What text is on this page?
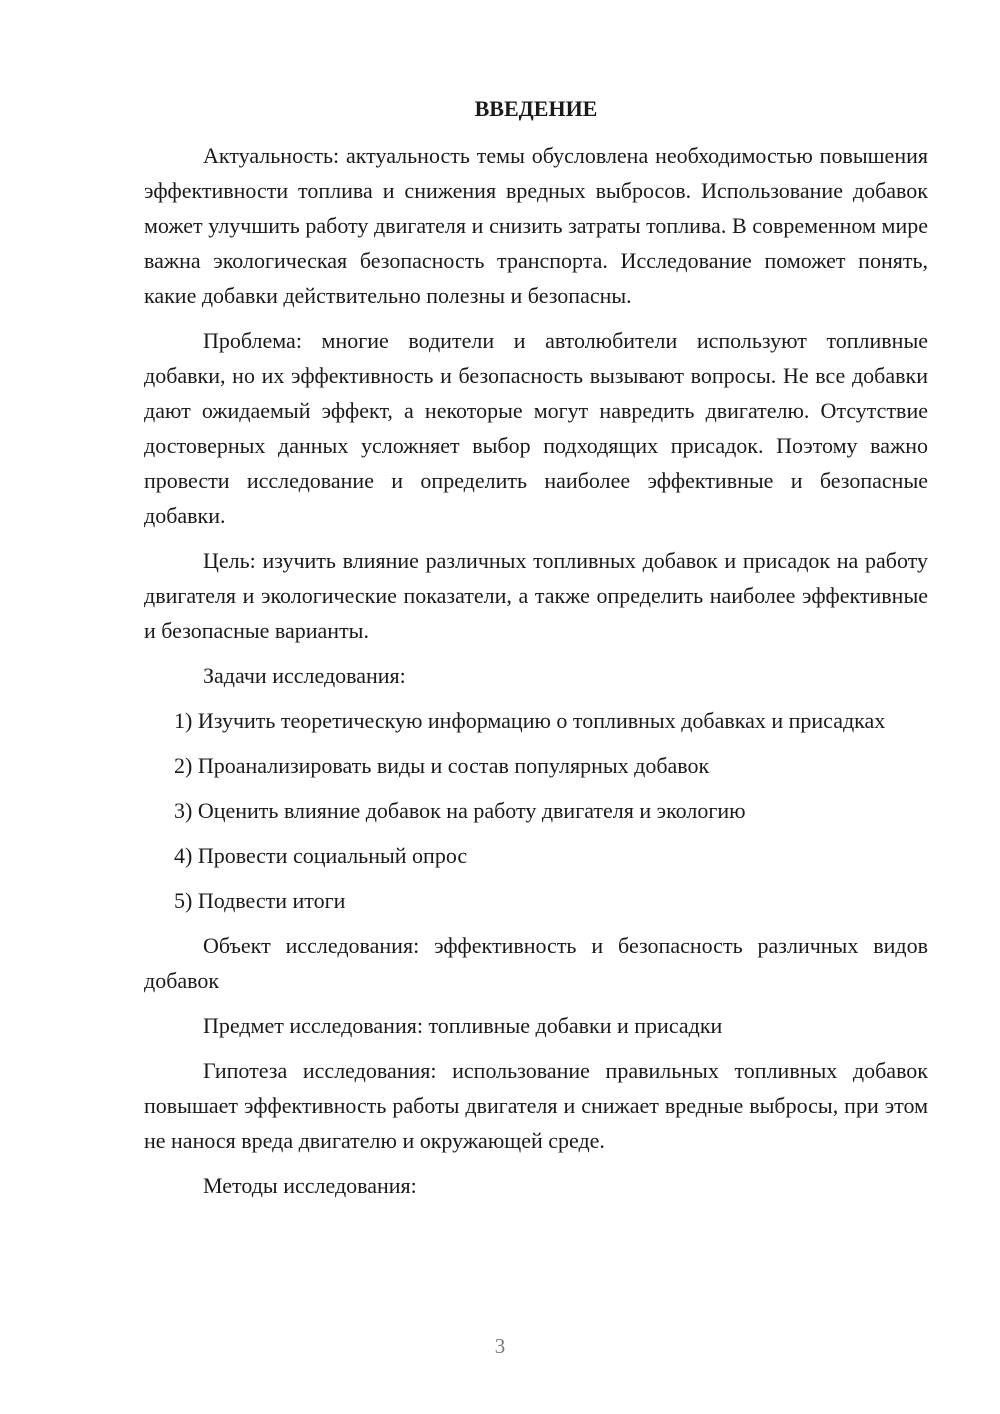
ВВЕДЕНИЕ

Актуальность: актуальность темы обусловлена необходимостью повышения эффективности топлива и снижения вредных выбросов. Использование добавок может улучшить работу двигателя и снизить затраты топлива. В современном мире важна экологическая безопасность транспорта. Исследование поможет понять, какие добавки действительно полезны и безопасны.

Проблема: многие водители и автолюбители используют топливные добавки, но их эффективность и безопасность вызывают вопросы. Не все добавки дают ожидаемый эффект, а некоторые могут навредить двигателю. Отсутствие достоверных данных усложняет выбор подходящих присадок. Поэтому важно провести исследование и определить наиболее эффективные и безопасные добавки.

Цель: изучить влияние различных топливных добавок и присадок на работу двигателя и экологические показатели, а также определить наиболее эффективные и безопасные варианты.

Задачи исследования:

1) Изучить теоретическую информацию о топливных добавках и присадках

2) Проанализировать виды и состав популярных добавок

3) Оценить влияние добавок на работу двигателя и экологию

4) Провести социальный опрос

5) Подвести итоги

Объект исследования: эффективность и безопасность различных видов добавок

Предмет исследования: топливные добавки и присадки

Гипотеза исследования: использование правильных топливных добавок повышает эффективность работы двигателя и снижает вредные выбросы, при этом не нанося вреда двигателю и окружающей среде.

Методы исследования:

3
